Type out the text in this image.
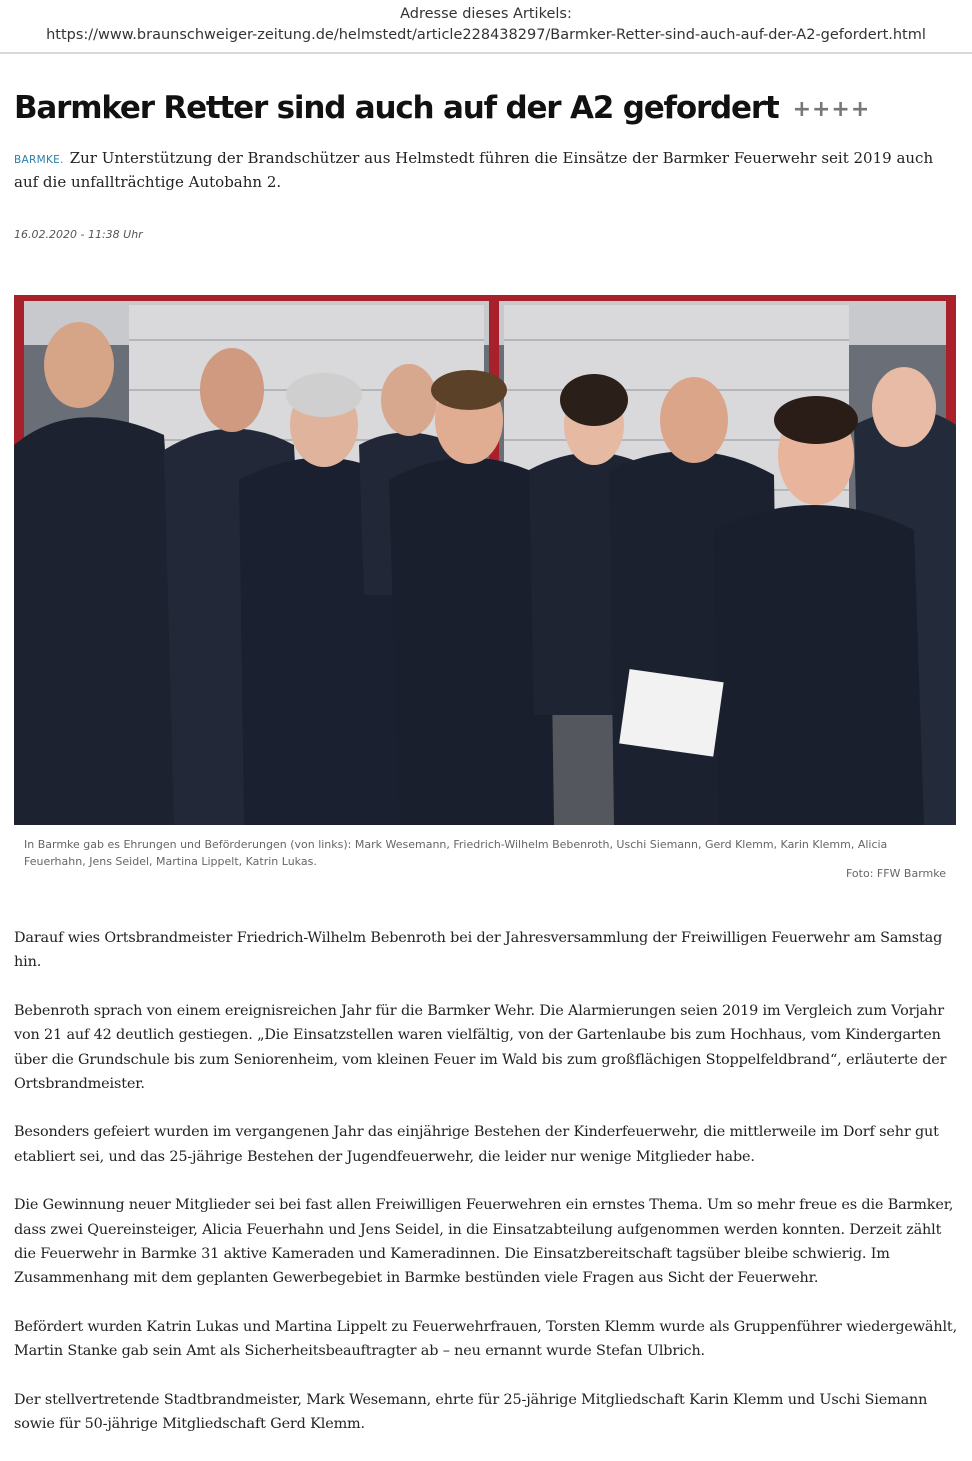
Adresse dieses Artikels:
https://www.braunschweiger-zeitung.de/helmstedt/article228438297/Barmker-Retter-sind-auch-auf-der-A2-gefordert.html
Barmker Retter sind auch auf der A2 gefordert ++++
BARMKE. Zur Unterstützung der Brandschützer aus Helmstedt führen die Einsätze der Barmker Feuerwehr seit 2019 auch auf die unfallträchtige Autobahn 2.
16.02.2020 - 11:38 Uhr
In Barmke gab es Ehrungen und Beförderungen (von links): Mark Wesemann, Friedrich-Wilhelm Bebenroth, Uschi Siemann, Gerd Klemm, Karin Klemm, Alicia Feuerhahn, Jens Seidel, Martina Lippelt, Katrin Lukas.
Foto: FFW Barmke

Darauf wies Ortsbrandmeister Friedrich-Wilhelm Bebenroth bei der Jahresversammlung der Freiwilligen Feuerwehr am Samstag hin.

Bebenroth sprach von einem ereignisreichen Jahr für die Barmker Wehr. Die Alarmierungen seien 2019 im Vergleich zum Vorjahr von 21 auf 42 deutlich gestiegen. „Die Einsatzstellen waren vielfältig, von der Gartenlaube bis zum Hochhaus, vom Kindergarten über die Grundschule bis zum Seniorenheim, vom kleinen Feuer im Wald bis zum großflächigen Stoppelfeldbrand“, erläuterte der Ortsbrandmeister.

Besonders gefeiert wurden im vergangenen Jahr das einjährige Bestehen der Kinderfeuerwehr, die mittlerweile im Dorf sehr gut etabliert sei, und das 25-jährige Bestehen der Jugendfeuerwehr, die leider nur wenige Mitglieder habe.

Die Gewinnung neuer Mitglieder sei bei fast allen Freiwilligen Feuerwehren ein ernstes Thema. Um so mehr freue es die Barmker, dass zwei Quereinsteiger, Alicia Feuerhahn und Jens Seidel, in die Einsatzabteilung aufgenommen werden konnten. Derzeit zählt die Feuerwehr in Barmke 31 aktive Kameraden und Kameradinnen. Die Einsatzbereitschaft tagsüber bleibe schwierig. Im Zusammenhang mit dem geplanten Gewerbegebiet in Barmke bestünden viele Fragen aus Sicht der Feuerwehr.

Befördert wurden Katrin Lukas und Martina Lippelt zu Feuerwehrfrauen, Torsten Klemm wurde als Gruppenführer wiedergewählt, Martin Stanke gab sein Amt als Sicherheitsbeauftragter ab – neu ernannt wurde Stefan Ulbrich.

Der stellvertretende Stadtbrandmeister, Mark Wesemann, ehrte für 25-jährige Mitgliedschaft Karin Klemm und Uschi Siemann sowie für 50-jährige Mitgliedschaft Gerd Klemm.
